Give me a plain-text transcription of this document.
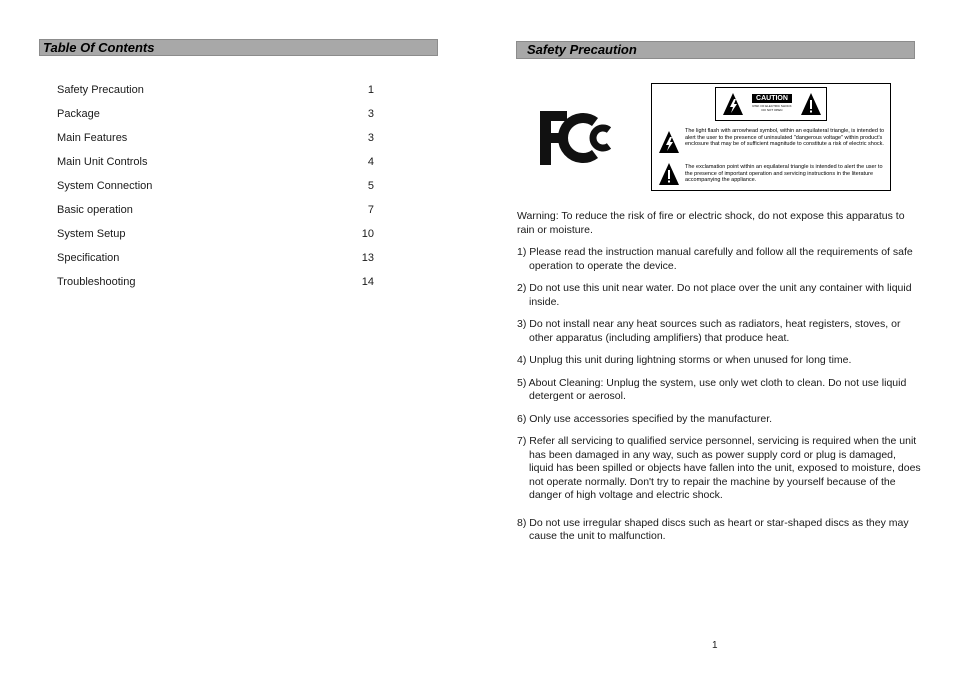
Table Of Contents
Safety Precaution	1
Package	3
Main Features	3
Main Unit Controls	4
System Connection	5
Basic operation	7
System Setup	10
Specification	13
Troubleshooting	14
Safety Precaution
CAUTION
RISK OF ELECTRIC SHOCK DO NOT OPEN
The light flash with arrowhead symbol, within an equilateral triangle, is intended to alert the user to the presence of uninsulated "dangerous voltage" within product's enclosure that may be of sufficient magnitude to constitute a risk of electric shock.
The exclamation point within an equilateral triangle is intended to alert the user to the presence of important operation and servicing instructions in the literature accompanying the appliance.

Warning: To reduce the risk of fire or electric shock, do not expose this apparatus to rain or moisture.

1) Please read the instruction manual carefully and follow all the requirements of safe operation to operate the device.

2) Do not use this unit near water. Do not place over the unit any container with liquid inside.

3) Do not install near any heat sources such as radiators, heat registers, stoves, or other apparatus (including amplifiers) that produce heat.

4) Unplug this unit during lightning storms or when unused for long time.

5) About Cleaning: Unplug the system, use only wet cloth to clean. Do not use liquid detergent or aerosol.

6) Only use accessories specified by the manufacturer.

7) Refer all servicing to qualified service personnel, servicing is required when the unit has been damaged in any way, such as power supply cord or plug is damaged, liquid has been spilled or objects have fallen into the unit, exposed to moisture, does not operate normally. Don't try to repair the machine by yourself because of the danger of high voltage and electric shock.

8) Do not use irregular shaped discs such as heart or star-shaped discs as they may cause the unit to malfunction.

1
